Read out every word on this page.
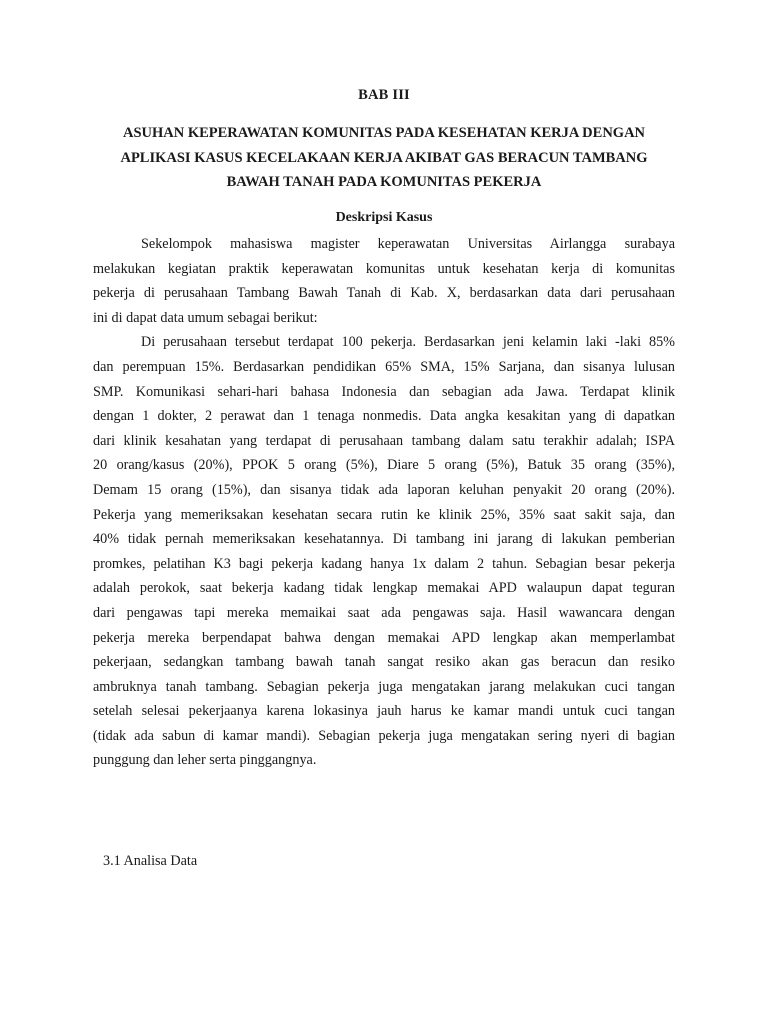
BAB III
ASUHAN KEPERAWATAN KOMUNITAS PADA KESEHATAN KERJA DENGAN
APLIKASI KASUS KECELAKAAN KERJA AKIBAT GAS BERACUN TAMBANG
BAWAH TANAH PADA KOMUNITAS PEKERJA
Deskripsi Kasus
Sekelompok mahasiswa magister keperawatan Universitas Airlangga surabaya
melakukan kegiatan praktik keperawatan komunitas untuk kesehatan kerja di komunitas
pekerja di perusahaan Tambang Bawah Tanah di Kab. X, berdasarkan data dari perusahaan
ini di dapat data umum sebagai berikut:
Di perusahaan tersebut terdapat 100 pekerja. Berdasarkan jeni kelamin laki -laki 85%
dan perempuan 15%. Berdasarkan pendidikan 65% SMA, 15% Sarjana, dan sisanya lulusan
SMP. Komunikasi sehari-hari bahasa Indonesia dan sebagian ada Jawa. Terdapat klinik
dengan 1 dokter, 2 perawat dan 1 tenaga nonmedis. Data angka kesakitan yang di dapatkan
dari klinik kesahatan yang terdapat di perusahaan tambang dalam satu terakhir adalah; ISPA
20 orang/kasus (20%), PPOK 5 orang (5%), Diare 5 orang (5%), Batuk 35 orang (35%),
Demam 15 orang (15%), dan sisanya tidak ada laporan keluhan penyakit 20 orang (20%).
Pekerja yang memeriksakan kesehatan secara rutin ke klinik 25%, 35% saat sakit saja, dan
40% tidak pernah memeriksakan kesehatannya. Di tambang ini jarang di lakukan pemberian
promkes, pelatihan K3 bagi pekerja kadang hanya 1x dalam 2 tahun. Sebagian besar pekerja
adalah perokok, saat bekerja kadang tidak lengkap memakai APD walaupun dapat teguran
dari pengawas tapi mereka memaikai saat ada pengawas saja. Hasil wawancara dengan
pekerja mereka berpendapat bahwa dengan memakai APD lengkap akan memperlambat
pekerjaan, sedangkan tambang bawah tanah sangat resiko akan gas beracun dan resiko
ambruknya tanah tambang. Sebagian pekerja juga mengatakan jarang melakukan cuci tangan
setelah selesai pekerjaanya karena lokasinya jauh harus ke kamar mandi untuk cuci tangan
(tidak ada sabun di kamar mandi). Sebagian pekerja juga mengatakan sering nyeri di bagian
punggung dan leher serta pinggangnya.
3.1 Analisa Data
